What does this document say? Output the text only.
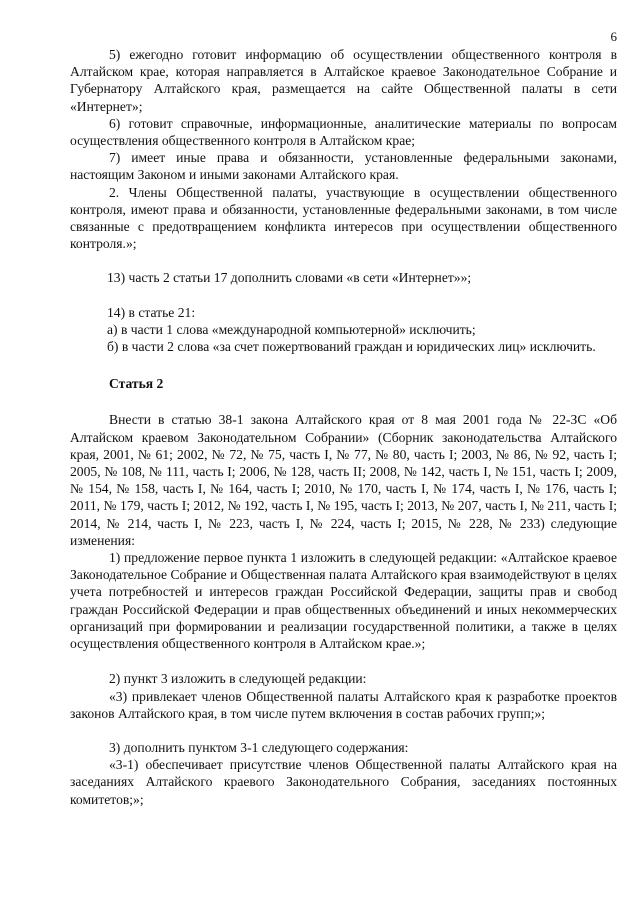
6

5) ежегодно готовит информацию об осуществлении общественного контроля в Алтайском крае, которая направляется в Алтайское краевое Законодательное Собрание и Губернатору Алтайского края, размещается на сайте Общественной палаты в сети «Интернет»;

6) готовит справочные, информационные, аналитические материалы по вопросам осуществления общественного контроля в Алтайском крае;

7) имеет иные права и обязанности, установленные федеральными законами, настоящим Законом и иными законами Алтайского края.

2. Члены Общественной палаты, участвующие в осуществлении общественного контроля, имеют права и обязанности, установленные федеральными законами, в том числе связанные с предотвращением конфликта интересов при осуществлении общественного контроля.»;

13) часть 2 статьи 17 дополнить словами «в сети «Интернет»»;

14) в статье 21:

а) в части 1 слова «международной компьютерной» исключить;

б) в части 2 слова «за счет пожертвований граждан и юридических лиц» исключить.

Статья 2

Внести в статью 38-1 закона Алтайского края от 8 мая 2001 года № 22-ЗС «Об Алтайском краевом Законодательном Собрании» (Сборник законодательства Алтайского края, 2001, № 61; 2002, № 72, № 75, часть I, № 77, № 80, часть I; 2003, № 86, № 92, часть I; 2005, № 108, № 111, часть I; 2006, № 128, часть II; 2008, № 142, часть I, № 151, часть I; 2009, № 154, № 158, часть I, № 164, часть I; 2010, № 170, часть I, № 174, часть I, № 176, часть I; 2011, № 179, часть I; 2012, № 192, часть I, № 195, часть I; 2013, № 207, часть I, № 211, часть I; 2014, № 214, часть I, № 223, часть I, № 224, часть I; 2015, № 228, № 233) следующие изменения:

1) предложение первое пункта 1 изложить в следующей редакции: «Алтайское краевое Законодательное Собрание и Общественная палата Алтайского края взаимодействуют в целях учета потребностей и интересов граждан Российской Федерации, защиты прав и свобод граждан Российской Федерации и прав общественных объединений и иных некоммерческих организаций при формировании и реализации государственной политики, а также в целях осуществления общественного контроля в Алтайском крае.»;

2) пункт 3 изложить в следующей редакции:

«3) привлекает членов Общественной палаты Алтайского края к разработке проектов законов Алтайского края, в том числе путем включения в состав рабочих групп;»;

3) дополнить пунктом 3-1 следующего содержания:

«3-1) обеспечивает присутствие членов Общественной палаты Алтайского края на заседаниях Алтайского краевого Законодательного Собрания, заседаниях постоянных комитетов;»;
